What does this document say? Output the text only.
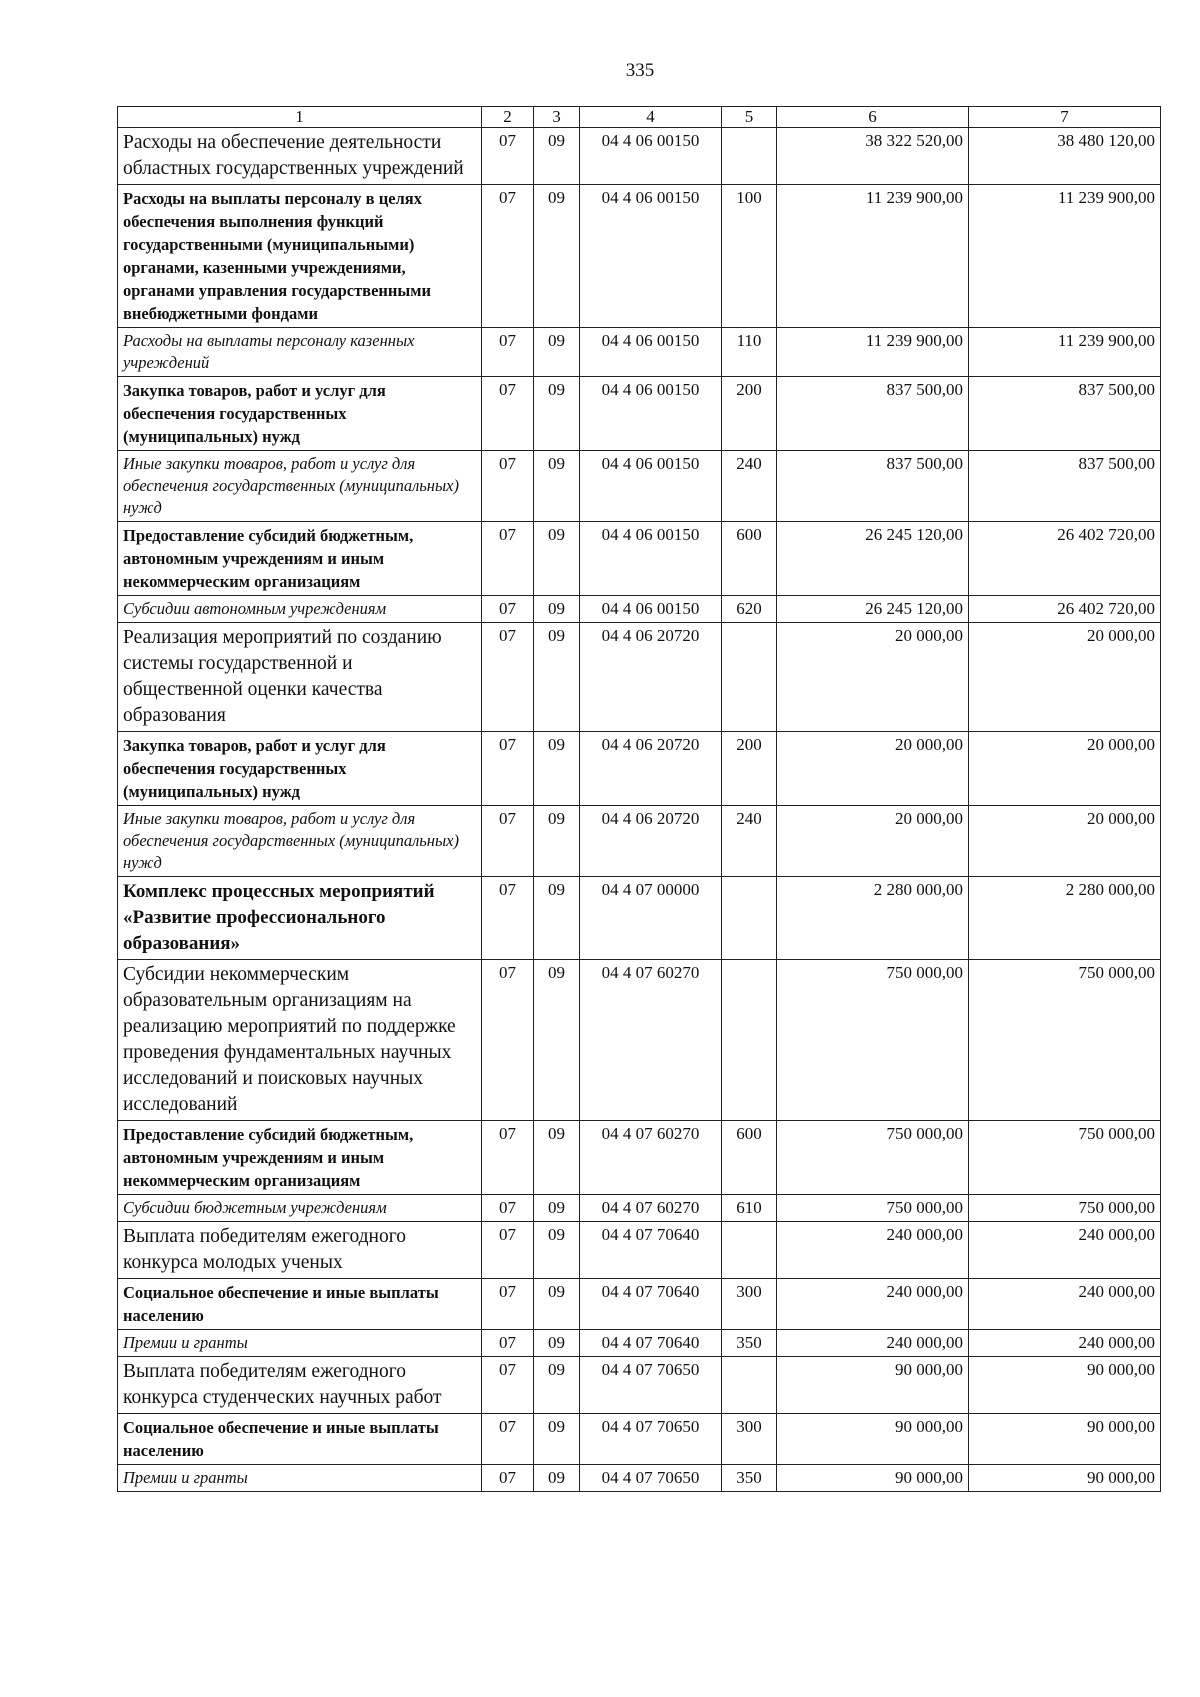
335
1	2	3	4	5	6	7
Расходы на обеспечение деятельности областных государственных учреждений	07	09	04 4 06 00150		38 322 520,00	38 480 120,00
Расходы на выплаты персоналу в целях обеспечения выполнения функций государственными (муниципальными) органами, казенными учреждениями, органами управления государственными внебюджетными фондами	07	09	04 4 06 00150	100	11 239 900,00	11 239 900,00
Расходы на выплаты персоналу казенных учреждений	07	09	04 4 06 00150	110	11 239 900,00	11 239 900,00
Закупка товаров, работ и услуг для обеспечения государственных (муниципальных) нужд	07	09	04 4 06 00150	200	837 500,00	837 500,00
Иные закупки товаров, работ и услуг для обеспечения государственных (муниципальных) нужд	07	09	04 4 06 00150	240	837 500,00	837 500,00
Предоставление субсидий бюджетным, автономным учреждениям и иным некоммерческим организациям	07	09	04 4 06 00150	600	26 245 120,00	26 402 720,00
Субсидии автономным учреждениям	07	09	04 4 06 00150	620	26 245 120,00	26 402 720,00
Реализация мероприятий по созданию системы государственной и общественной оценки качества образования	07	09	04 4 06 20720		20 000,00	20 000,00
Закупка товаров, работ и услуг для обеспечения государственных (муниципальных) нужд	07	09	04 4 06 20720	200	20 000,00	20 000,00
Иные закупки товаров, работ и услуг для обеспечения государственных (муниципальных) нужд	07	09	04 4 06 20720	240	20 000,00	20 000,00
Комплекс процессных мероприятий «Развитие профессионального образования»	07	09	04 4 07 00000		2 280 000,00	2 280 000,00
Субсидии некоммерческим образовательным организациям на реализацию мероприятий по поддержке проведения фундаментальных научных исследований и поисковых научных исследований	07	09	04 4 07 60270		750 000,00	750 000,00
Предоставление субсидий бюджетным, автономным учреждениям и иным некоммерческим организациям	07	09	04 4 07 60270	600	750 000,00	750 000,00
Субсидии бюджетным учреждениям	07	09	04 4 07 60270	610	750 000,00	750 000,00
Выплата победителям ежегодного конкурса молодых ученых	07	09	04 4 07 70640		240 000,00	240 000,00
Социальное обеспечение и иные выплаты населению	07	09	04 4 07 70640	300	240 000,00	240 000,00
Премии и гранты	07	09	04 4 07 70640	350	240 000,00	240 000,00
Выплата победителям ежегодного конкурса студенческих научных работ	07	09	04 4 07 70650		90 000,00	90 000,00
Социальное обеспечение и иные выплаты населению	07	09	04 4 07 70650	300	90 000,00	90 000,00
Премии и гранты	07	09	04 4 07 70650	350	90 000,00	90 000,00
